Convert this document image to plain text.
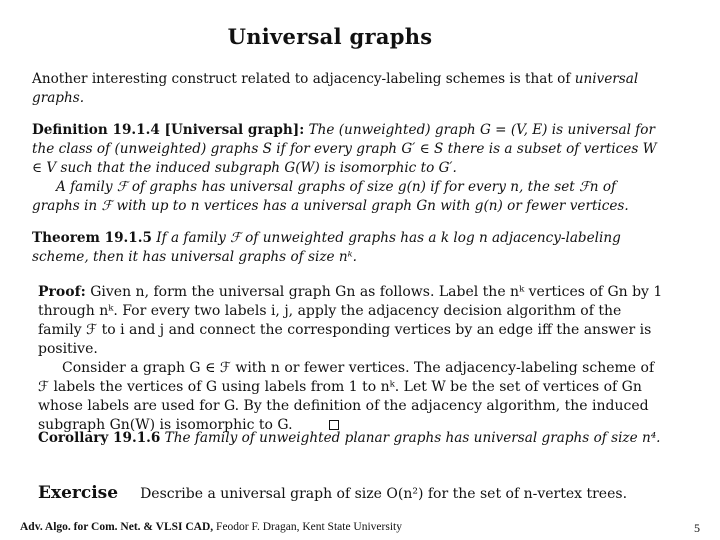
Universal graphs
Another interesting construct related to adjacency-labeling schemes is that of universal graphs.
Definition 19.1.4 [Universal graph]: The (unweighted) graph G = (V, E) is universal for the class of (unweighted) graphs S if for every graph G′ ∈ S there is a subset of vertices W ∈ V such that the induced subgraph G(W) is isomorphic to G′.
A family ℱ of graphs has universal graphs of size g(n) if for every n, the set ℱn of graphs in ℱ with up to n vertices has a universal graph Gn with g(n) or fewer vertices.
Theorem 19.1.5 If a family ℱ of unweighted graphs has a k log n adjacency-labeling scheme, then it has universal graphs of size nᵏ.
Proof: Given n, form the universal graph Gn as follows. Label the nᵏ vertices of Gn by 1 through nᵏ. For every two labels i, j, apply the adjacency decision algorithm of the family ℱ to i and j and connect the corresponding vertices by an edge iff the answer is positive.
Consider a graph G ∈ ℱ with n or fewer vertices. The adjacency-labeling scheme of ℱ labels the vertices of G using labels from 1 to nᵏ. Let W be the set of vertices of Gn whose labels are used for G. By the definition of the adjacency algorithm, the induced subgraph Gn(W) is isomorphic to G.
Corollary 19.1.6 The family of unweighted planar graphs has universal graphs of size n⁴.
Exercise Describe a universal graph of size O(n²) for the set of n-vertex trees.
Adv. Algo. for Com. Net. & VLSI CAD, Feodor F. Dragan, Kent State University	5
